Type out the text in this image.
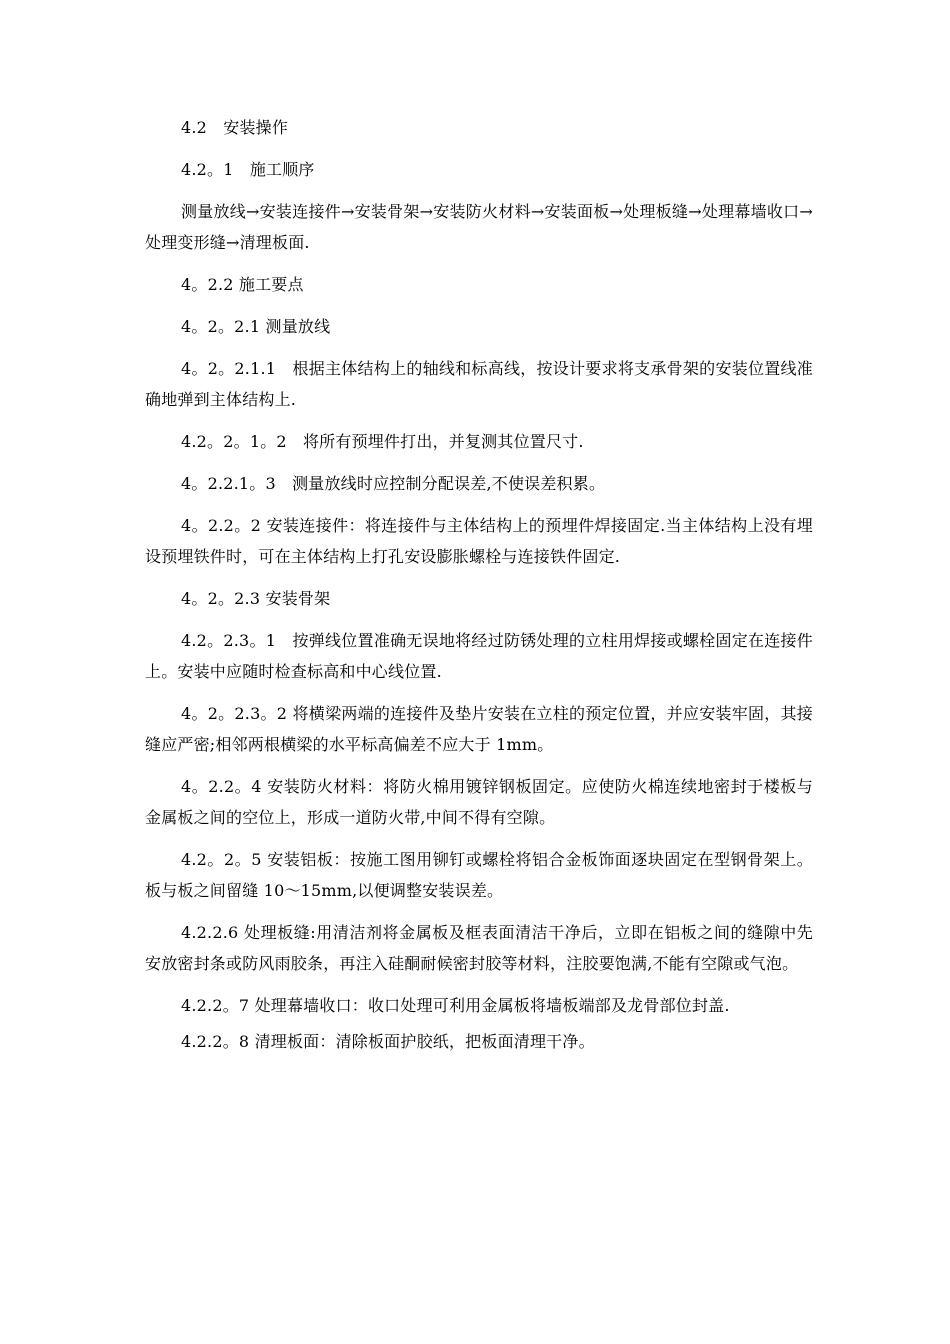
4.2　安装操作

4.2。1　施工顺序

测量放线→安装连接件→安装骨架→安装防火材料→安装面板→处理板缝→处理幕墙收口→处理变形缝→清理板面.

4。2.2 施工要点

4。2。2.1 测量放线

4。2。2.1.1　根据主体结构上的轴线和标高线，按设计要求将支承骨架的安装位置线准确地弹到主体结构上.

4.2。2。1。2　将所有预埋件打出，并复测其位置尺寸.

4。2.2.1。3　测量放线时应控制分配误差,不使误差积累。

4。2.2。2 安装连接件：将连接件与主体结构上的预埋件焊接固定.当主体结构上没有埋设预埋铁件时，可在主体结构上打孔安设膨胀螺栓与连接铁件固定.

4。2。2.3 安装骨架

4.2。2.3。1　按弹线位置准确无误地将经过防锈处理的立柱用焊接或螺栓固定在连接件上。安装中应随时检查标高和中心线位置.

4。2。2.3。2 将横梁两端的连接件及垫片安装在立柱的预定位置，并应安装牢固，其接缝应严密;相邻两根横梁的水平标高偏差不应大于 1mm。

4。2.2。4 安装防火材料：将防火棉用镀锌钢板固定。应使防火棉连续地密封于楼板与金属板之间的空位上，形成一道防火带,中间不得有空隙。

4.2。2。5 安装铝板：按施工图用铆钉或螺栓将铝合金板饰面逐块固定在型钢骨架上。板与板之间留缝 10～15mm,以便调整安装误差。

4.2.2.6 处理板缝:用清洁剂将金属板及框表面清洁干净后，立即在铝板之间的缝隙中先安放密封条或防风雨胶条，再注入硅酮耐候密封胶等材料，注胶要饱满,不能有空隙或气泡。

4.2.2。7 处理幕墙收口：收口处理可利用金属板将墙板端部及龙骨部位封盖.

4.2.2。8 清理板面：清除板面护胶纸，把板面清理干净。
